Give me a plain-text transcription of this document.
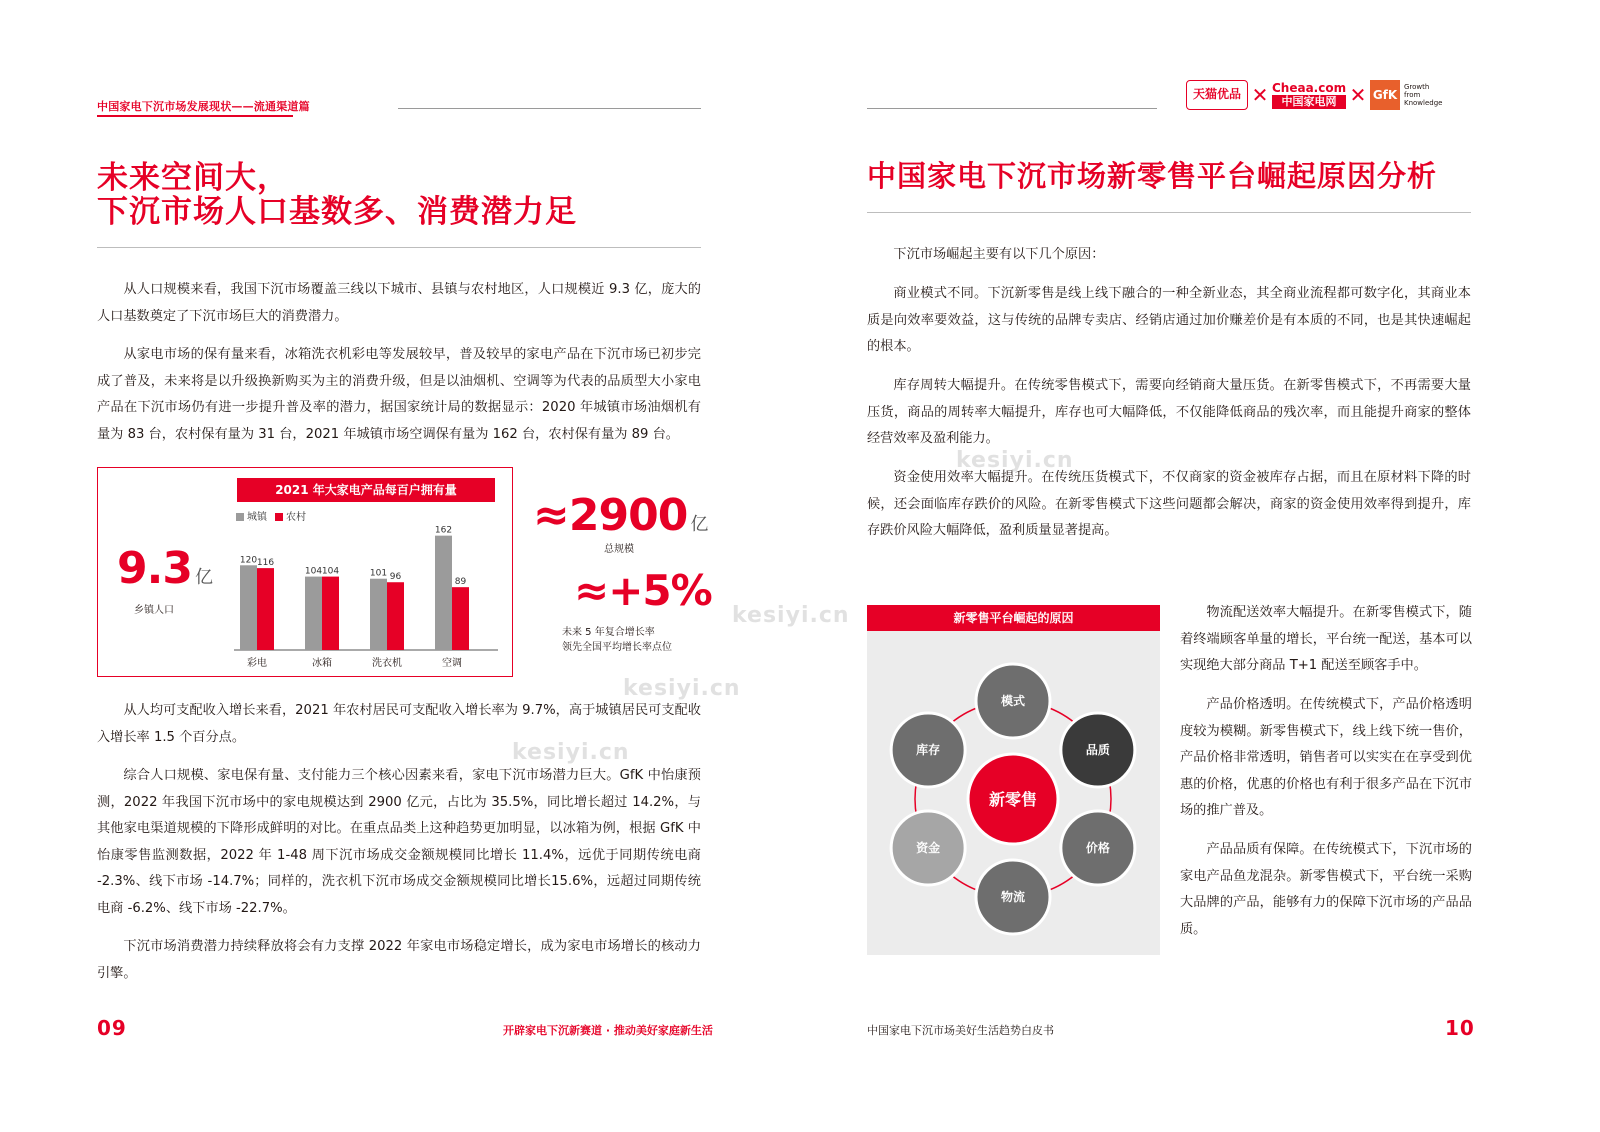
中国家电下沉市场发展现状——流通渠道篇
未来空间大，
下沉市场人口基数多、消费潜力足
从人口规模来看，我国下沉市场覆盖三线以下城市、县镇与农村地区，人口规模近 9.3 亿，庞大的人口基数奠定了下沉市场巨大的消费潜力。
从家电市场的保有量来看，冰箱洗衣机彩电等发展较早，普及较早的家电产品在下沉市场已初步完成了普及，未来将是以升级换新购买为主的消费升级，但是以油烟机、空调等为代表的品质型大小家电产品在下沉市场仍有进一步提升普及率的潜力，据国家统计局的数据显示：2020 年城镇市场油烟机有量为 83 台，农村保有量为 31 台，2021 年城镇市场空调保有量为 162 台，农村保有量为 89 台。
9.3 亿
乡镇人口
2021 年大家电产品每百户拥有量
城镇	农村
120 116
彩电
104 104
冰箱
101 96
洗衣机
162
89
空调
≈2900 亿
总规模
≈+5%
未来 5 年复合增长率
领先全国平均增长率点位
从人均可支配收入增长来看，2021 年农村居民可支配收入增长率为 9.7%，高于城镇居民可支配收入增长率 1.5 个百分点。
综合人口规模、家电保有量、支付能力三个核心因素来看，家电下沉市场潜力巨大。GfK 中怡康预测，2022 年我国下沉市场中的家电规模达到 2900 亿元，占比为 35.5%，同比增长超过 14.2%，与其他家电渠道规模的下降形成鲜明的对比。在重点品类上这种趋势更加明显，以冰箱为例，根据 GfK 中怡康零售监测数据，2022 年 1-48 周下沉市场成交金额规模同比增长 11.4%，远优于同期传统电商 -2.3%、线下市场 -14.7%；同样的，洗衣机下沉市场成交金额规模同比增长15.6%，远超过同期传统电商 -6.2%、线下市场 -22.7%。
下沉市场消费潜力持续释放将会有力支撑 2022 年家电市场稳定增长，成为家电市场增长的核动力引擎。
09	开辟家电下沉新赛道 · 推动美好家庭新生活
天猫优品 ✕ Cheaa.com
中国家电网 ✕ GfK
Growth
from
Knowledge
中国家电下沉市场新零售平台崛起原因分析
下沉市场崛起主要有以下几个原因：
商业模式不同。下沉新零售是线上线下融合的一种全新业态，其全商业流程都可数字化，其商业本质是向效率要效益，这与传统的品牌专卖店、经销店通过加价赚差价是有本质的不同，也是其快速崛起的根本。
库存周转大幅提升。在传统零售模式下，需要向经销商大量压货。在新零售模式下，不再需要大量压货，商品的周转率大幅提升，库存也可大幅降低，不仅能降低商品的残次率，而且能提升商家的整体经营效率及盈利能力。
资金使用效率大幅提升。在传统压货模式下，不仅商家的资金被库存占据，而且在原材料下降的时候，还会面临库存跌价的风险。在新零售模式下这些问题都会解决，商家的资金使用效率得到提升，库存跌价风险大幅降低，盈利质量显著提高。
新零售平台崛起的原因
模式
品质
价格
物流
资金
库存
新零售
物流配送效率大幅提升。在新零售模式下，随着终端顾客单量的增长，平台统一配送，基本可以实现绝大部分商品 T+1 配送至顾客手中。
产品价格透明。在传统模式下，产品价格透明度较为模糊。新零售模式下，线上线下统一售价，产品价格非常透明，销售者可以实实在在享受到优惠的价格，优惠的价格也有利于很多产品在下沉市场的推广普及。
产品品质有保障。在传统模式下，下沉市场的家电产品鱼龙混杂。新零售模式下，平台统一采购大品牌的产品，能够有力的保障下沉市场的产品品质。
中国家电下沉市场美好生活趋势白皮书	10
kesiyi.cn
kesiyi.cn
kesiyi.cn
kesiyi.cn
